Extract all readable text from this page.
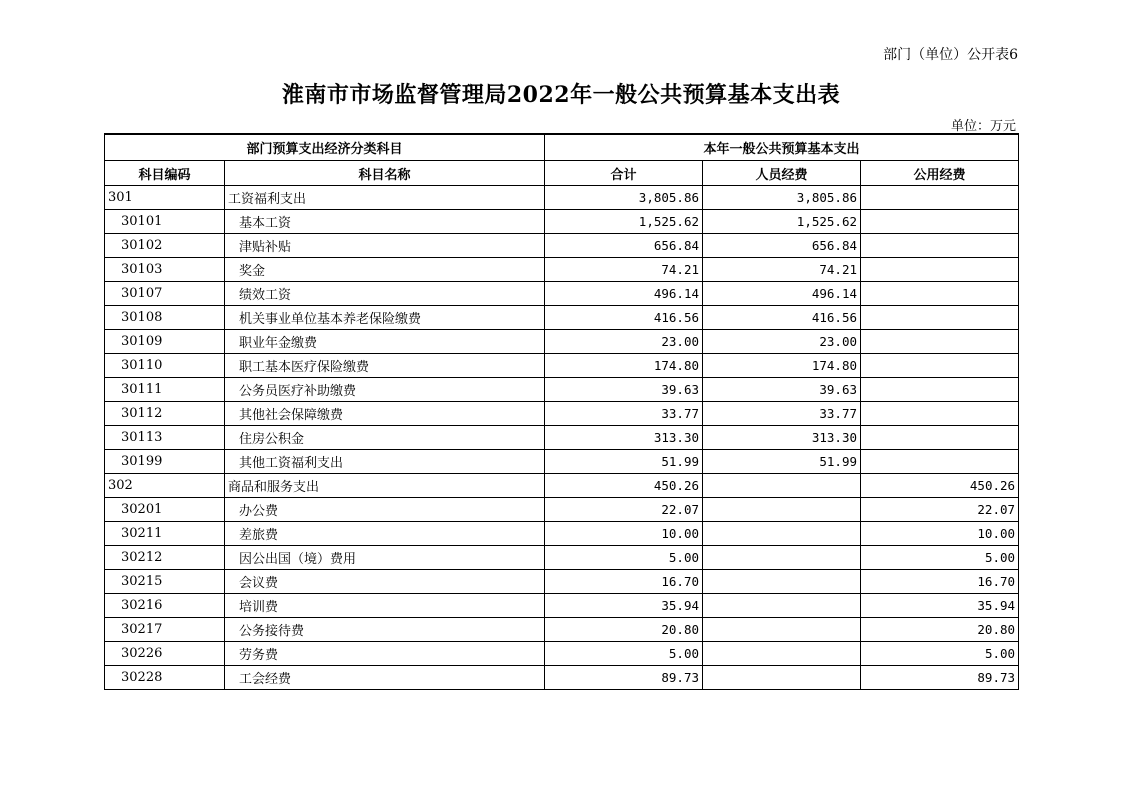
部门（单位）公开表6
淮南市市场监督管理局2022年一般公共预算基本支出表
单位：万元
部门预算支出经济分类科目		本年一般公共预算基本支出		
科目编码	科目名称	合计	人员经费	公用经费
301	工资福利支出	3,805.86	3,805.86	
30101	基本工资	1,525.62	1,525.62	
30102	津贴补贴	656.84	656.84	
30103	奖金	74.21	74.21	
30107	绩效工资	496.14	496.14	
30108	机关事业单位基本养老保险缴费	416.56	416.56	
30109	职业年金缴费	23.00	23.00	
30110	职工基本医疗保险缴费	174.80	174.80	
30111	公务员医疗补助缴费	39.63	39.63	
30112	其他社会保障缴费	33.77	33.77	
30113	住房公积金	313.30	313.30	
30199	其他工资福利支出	51.99	51.99	
302	商品和服务支出	450.26		450.26
30201	办公费	22.07		22.07
30211	差旅费	10.00		10.00
30212	因公出国（境）费用	5.00		5.00
30215	会议费	16.70		16.70
30216	培训费	35.94		35.94
30217	公务接待费	20.80		20.80
30226	劳务费	5.00		5.00
30228	工会经费	89.73		89.73
